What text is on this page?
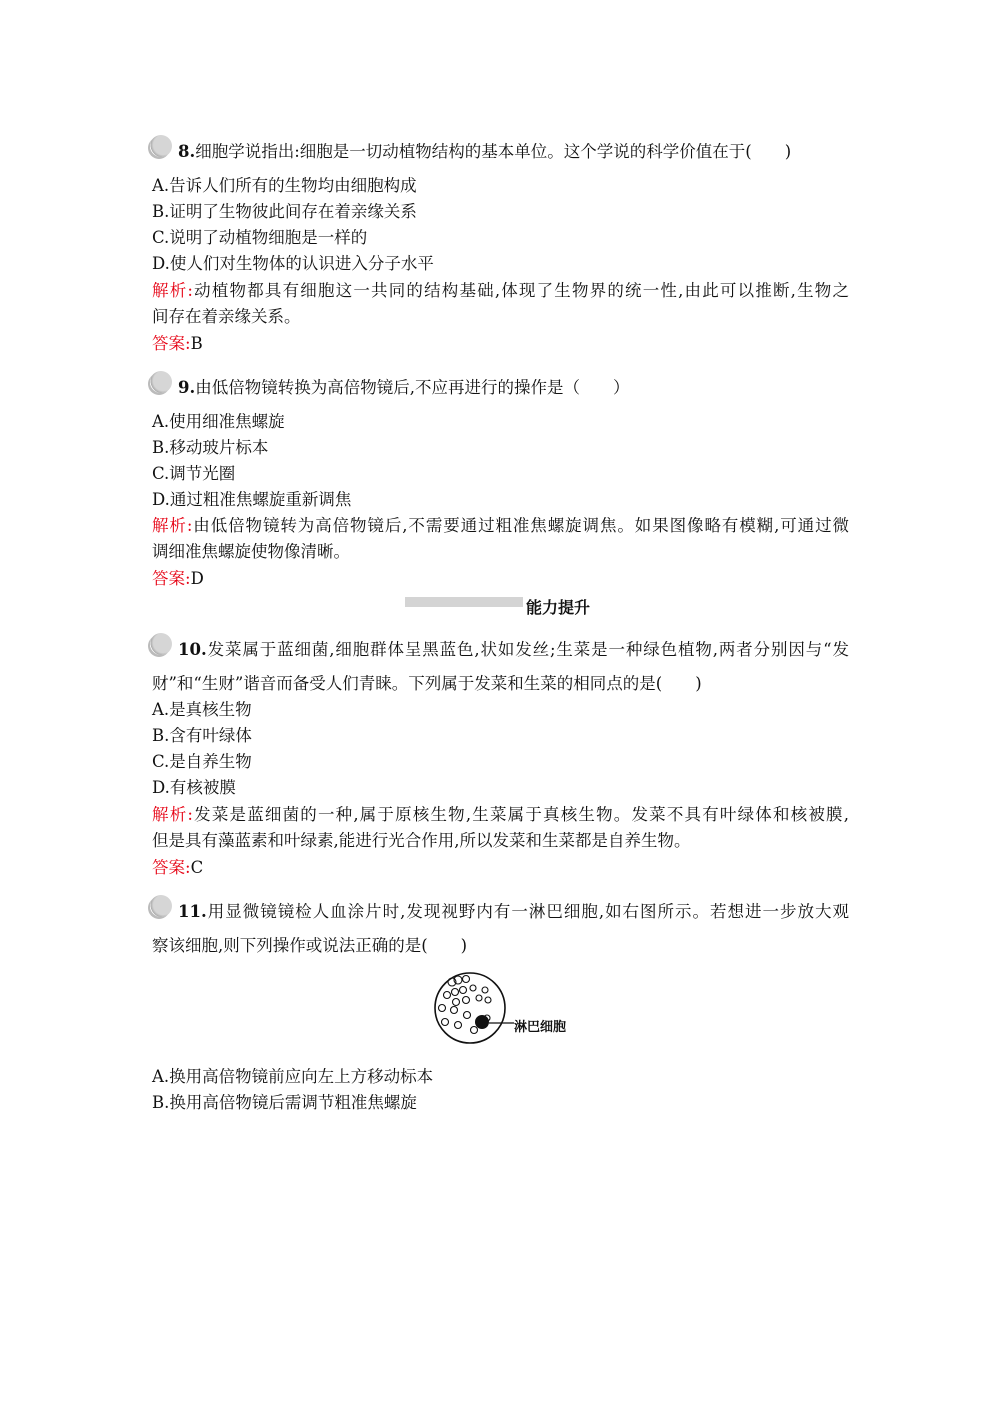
8.细胞学说指出:细胞是一切动植物结构的基本单位。这个学说的科学价值在于(　　)
A.告诉人们所有的生物均由细胞构成
B.证明了生物彼此间存在着亲缘关系
C.说明了动植物细胞是一样的
D.使人们对生物体的认识进入分子水平
解析:动植物都具有细胞这一共同的结构基础,体现了生物界的统一性,由此可以推断,生物之
间存在着亲缘关系。
答案:B
9.由低倍物镜转换为高倍物镜后,不应再进行的操作是（　　）
A.使用细准焦螺旋
B.移动玻片标本
C.调节光圈
D.通过粗准焦螺旋重新调焦
解析:由低倍物镜转为高倍物镜后,不需要通过粗准焦螺旋调焦。如果图像略有模糊,可通过微
调细准焦螺旋使物像清晰。
答案:D
能力提升
10.发菜属于蓝细菌,细胞群体呈黑蓝色,状如发丝;生菜是一种绿色植物,两者分别因与“发
财”和“生财”谐音而备受人们青睐。下列属于发菜和生菜的相同点的是(　　)
A.是真核生物
B.含有叶绿体
C.是自养生物
D.有核被膜
解析:发菜是蓝细菌的一种,属于原核生物,生菜属于真核生物。发菜不具有叶绿体和核被膜,
但是具有藻蓝素和叶绿素,能进行光合作用,所以发菜和生菜都是自养生物。
答案:C
11.用显微镜镜检人血涂片时,发现视野内有一淋巴细胞,如右图所示。若想进一步放大观
察该细胞,则下列操作或说法正确的是(　　)
淋巴细胞
A.换用高倍物镜前应向左上方移动标本
B.换用高倍物镜后需调节粗准焦螺旋
